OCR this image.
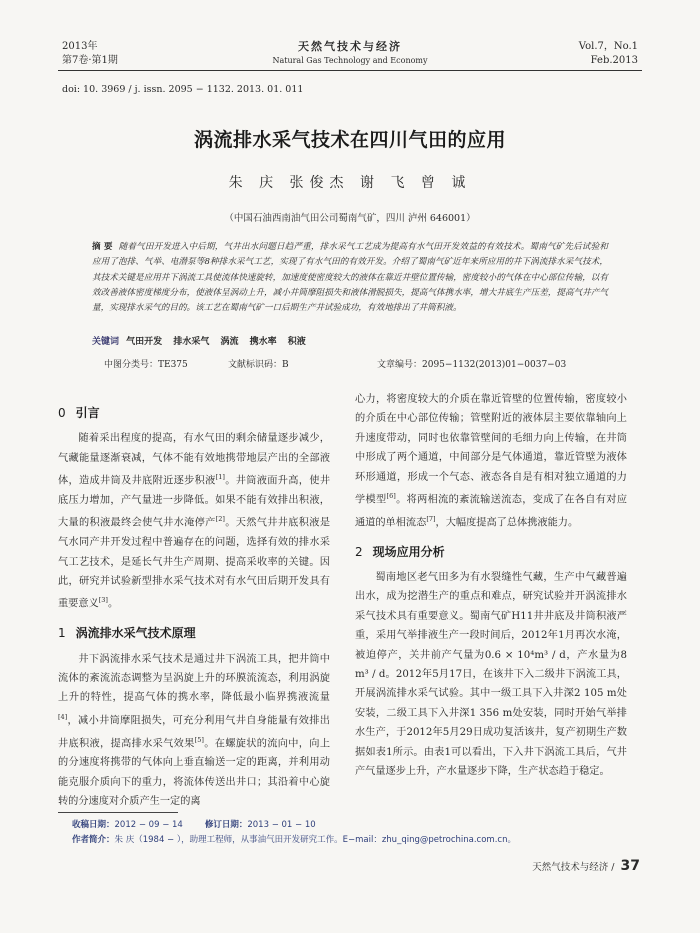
2013年
第7卷·第1期
天然气技术与经济
Natural Gas Technology and Economy
Vol.7，No.1
Feb.2013
doi: 10. 3969 / j. issn. 2095 − 1132. 2013. 01. 011
涡流排水采气技术在四川气田的应用
朱 庆 张俊杰 谢 飞 曾 诚
（中国石油西南油气田公司蜀南气矿，四川 泸州 646001）
摘 要 随着气田开发进入中后期，气井出水问题日趋严重，排水采气工艺成为提高有水气田开发效益的有效技术。蜀南气矿先后试验和应用了泡排、气举、电潜泵等8种排水采气工艺，实现了有水气田的有效开发。介绍了蜀南气矿近年来所应用的井下涡流排水采气技术，其技术关键是应用井下涡流工具使流体快速旋转，加速度使密度较大的液体在靠近井壁位置传输，密度较小的气体在中心部位传输，以有效改善液体密度梯度分布，使液体呈涡动上升，减小井筒摩阻损失和液体滑脱损失，提高气体携水率，增大井底生产压差，提高气井产气量，实现排水采气的目的。该工艺在蜀南气矿一口后期生产井试验成功，有效地排出了井筒积液。
关键词 气田开发 排水采气 涡流 携水率 积液
中图分类号：TE375	文献标识码：B	文章编号：2095−1132(2013)01−0037−03
0 引言

随着采出程度的提高，有水气田的剩余储量逐步减少，气藏能量逐渐衰减，气体不能有效地携带地层产出的全部液体，造成井筒及井底附近逐步积液[1]。井筒液面升高，使井底压力增加，产气量进一步降低。如果不能有效排出积液，大量的积液最终会使气井水淹停产[2]。天然气井井底积液是气水同产井开发过程中普遍存在的问题，选择有效的排水采气工艺技术，是延长气井生产周期、提高采收率的关键。因此，研究并试验新型排水采气技术对有水气田后期开发具有重要意义[3]。

1 涡流排水采气技术原理

井下涡流排水采气技术是通过井下涡流工具，把井筒中流体的紊流流态调整为呈涡旋上升的环膜流流态，利用涡旋上升的特性，提高气体的携水率，降低最小临界携液流量[4]，减小井筒摩阻损失，可充分利用气井自身能量有效排出井底积液，提高排水采气效果[5]。在螺旋状的流向中，向上的分速度将携带的气体向上垂直输送一定的距离，并利用动能克服介质向下的重力，将流体传送出井口；其沿着中心旋转的分速度对介质产生一定的离

心力，将密度较大的介质在靠近管壁的位置传输，密度较小的介质在中心部位传输；管壁附近的液体层主要依靠轴向上升速度带动，同时也依靠管壁间的毛细力向上传输，在井筒中形成了两个通道，中间部分是气体通道，靠近管壁为液体环形通道，形成一个气态、液态各自是有相对独立通道的力学模型[6]。将两相流的紊流输送流态，变成了在各自有对应通道的单相流态[7]，大幅度提高了总体携液能力。

2 现场应用分析

蜀南地区老气田多为有水裂缝性气藏，生产中气藏普遍出水，成为挖潜生产的重点和难点，研究试验并开涡流排水采气技术具有重要意义。蜀南气矿H11井井底及井筒积液严重，采用气举排液生产一段时间后，2012年1月再次水淹，被迫停产，关井前产气量为0.6 × 10⁴m³ / d，产水量为8 m³ / d。2012年5月17日，在该井下入二级井下涡流工具，开展涡流排水采气试验。其中一级工具下入井深2 105 m处安装，二级工具下入井深1 356 m处安装，同时开始气举排水生产，于2012年5月29日成功复活该井，复产初期生产数据如表1所示。由表1可以看出，下入井下涡流工具后，气井产气量逐步上升，产水量逐步下降，生产状态趋于稳定。

收稿日期：2012 − 09 − 14	修订日期：2013 − 01 − 10
作者简介：朱 庆（1984 − ），助理工程师，从事油气田开发研究工作。E−mail：zhu_qing@petrochina.com.cn。
天然气技术与经济 / 37
